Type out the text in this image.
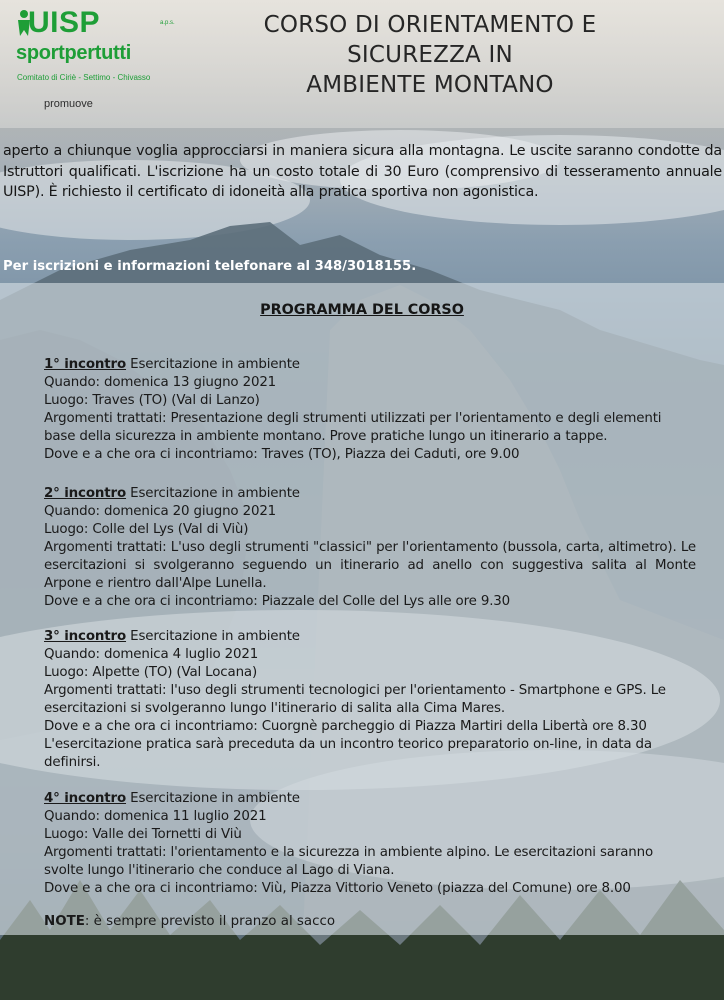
UISP	a.p.s.
sportpertutti
Comitato di Ciriè - Settimo - Chivasso
promuove
CORSO DI ORIENTAMENTO E
SICUREZZA IN
AMBIENTE MONTANO
aperto a chiunque voglia approcciarsi in maniera sicura alla montagna. Le uscite saranno condotte da Istruttori qualificati. L'iscrizione ha un costo totale di 30 Euro (comprensivo di tesseramento annuale UISP). È richiesto il certificato di idoneità alla pratica sportiva non agonistica.
Per iscrizioni e informazioni telefonare al 348/3018155.
PROGRAMMA DEL CORSO

1° incontro Esercitazione in ambiente

Quando: domenica 13 giugno 2021

Luogo: Traves (TO) (Val di Lanzo)

Argomenti trattati: Presentazione degli strumenti utilizzati per l'orientamento e degli elementi base della sicurezza in ambiente montano. Prove pratiche lungo un itinerario a tappe.

Dove e a che ora ci incontriamo: Traves (TO), Piazza dei Caduti, ore 9.00

2° incontro Esercitazione in ambiente

Quando: domenica 20 giugno 2021

Luogo: Colle del Lys (Val di Viù)

Argomenti trattati: L'uso degli strumenti "classici" per l'orientamento (bussola, carta, altimetro). Le esercitazioni si svolgeranno seguendo un itinerario ad anello con suggestiva salita al Monte Arpone e rientro dall'Alpe Lunella.

Dove e a che ora ci incontriamo: Piazzale del Colle del Lys alle ore 9.30

3° incontro Esercitazione in ambiente

Quando: domenica 4 luglio 2021

Luogo: Alpette (TO) (Val Locana)

Argomenti trattati: l'uso degli strumenti tecnologici per l'orientamento - Smartphone e GPS. Le esercitazioni si svolgeranno lungo l'itinerario di salita alla Cima Mares.

Dove e a che ora ci incontriamo: Cuorgnè parcheggio di Piazza Martiri della Libertà ore 8.30

L'esercitazione pratica sarà preceduta da un incontro teorico preparatorio on-line, in data da definirsi.

4° incontro Esercitazione in ambiente

Quando: domenica 11 luglio 2021

Luogo: Valle dei Tornetti di Viù

Argomenti trattati: l'orientamento e la sicurezza in ambiente alpino. Le esercitazioni saranno svolte lungo l'itinerario che conduce al Lago di Viana.

Dove e a che ora ci incontriamo: Viù, Piazza Vittorio Veneto (piazza del Comune) ore 8.00

NOTE: è sempre previsto il pranzo al sacco
